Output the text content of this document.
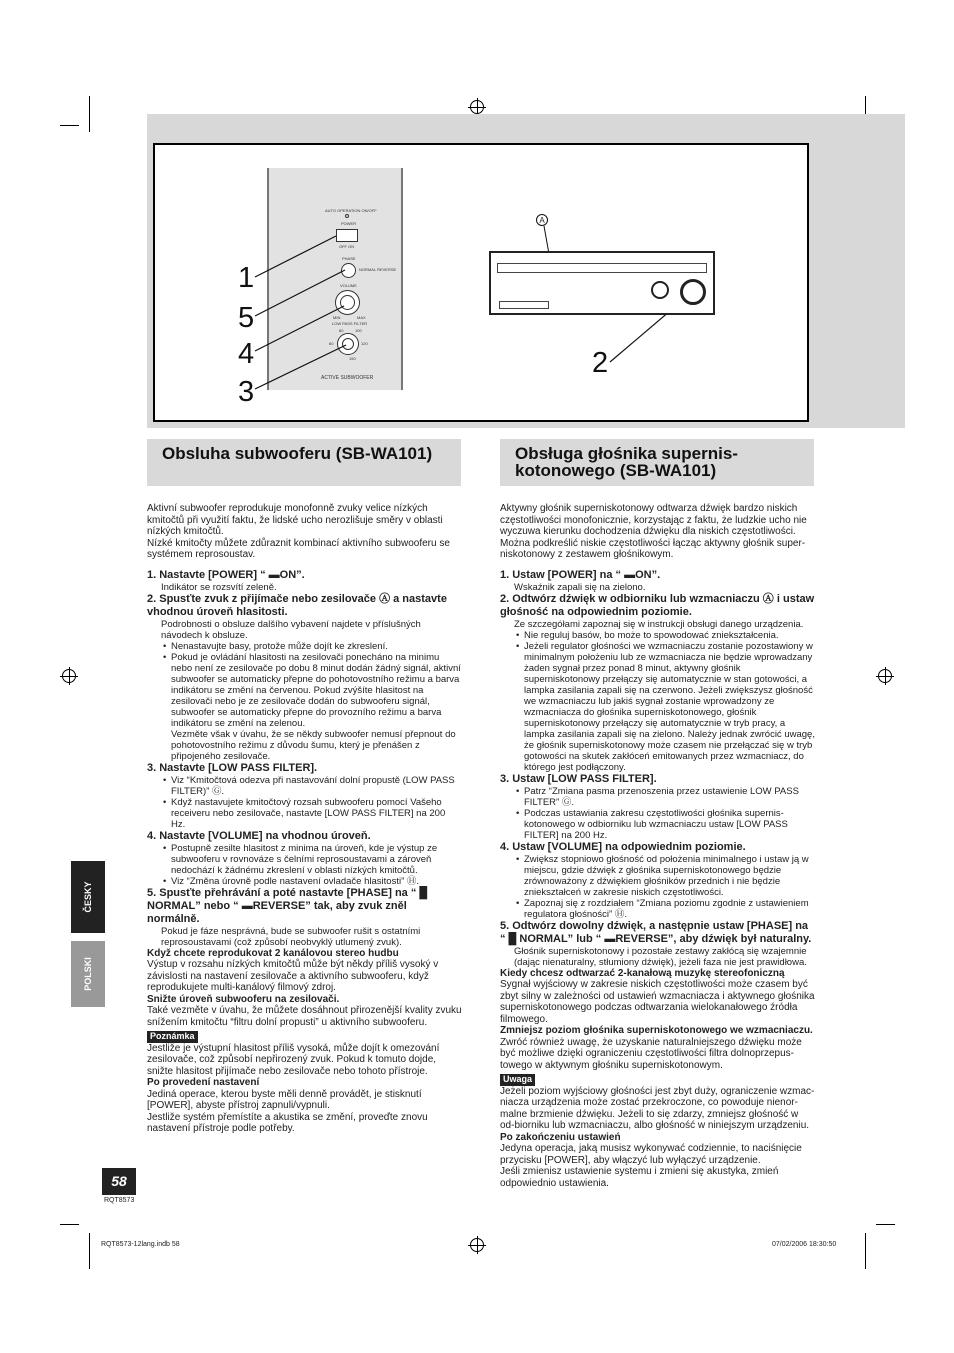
AUTO OPERATION ON/OFF
POWER
OFF ON
PHASE
NORMAL REVERSE
VOLUME
MIN	MAX
LOW PASS FILTER
80	100
60	120
150
ACTIVE SUBWOOFER
1
5
4
3
2
A
Obsluha subwooferu (SB-WA101)

Aktivní subwoofer reprodukuje monofonně zvuky velice nízkých kmitočtů při využití faktu, že lidské ucho nerozlišuje směry v oblasti nízkých kmitočtů.

Nízké kmitočty můžete zdůraznit kombinací aktivního subwooferu se systémem reprosoustav.

1. Nastavte [POWER] “ ▬ON”.

Indikátor se rozsvítí zeleně.

2. Spusťte zvuk z přijímače nebo zesilovače Ⓐ a nastavte vhodnou úroveň hlasitosti.

Podrobnosti o obsluze dalšího vybavení najdete v příslušných návodech k obsluze.

• Nenastavujte basy, protože může dojít ke zkreslení.

• Pokud je ovládání hlasitosti na zesilovači ponecháno na minimu nebo není ze zesilovače po dobu 8 minut dodán žádný signál, aktivní subwoofer se automaticky přepne do pohotovostního režimu a barva indikátoru se změní na červenou. Pokud zvýšíte hlasitost na zesilovači nebo je ze zesilovače dodán do subwooferu signál, subwoofer se automaticky přepne do provozního režimu a barva indikátoru se změní na zelenou.

Vezměte však v úvahu, že se někdy subwoofer nemusí přepnout do pohotovostního režimu z důvodu šumu, který je přenášen z připojeného zesilovače.

3. Nastavte [LOW PASS FILTER].

• Viz “Kmitočtová odezva při nastavování dolní propustě (LOW PASS FILTER)” Ⓖ.

• Když nastavujete kmitočtový rozsah subwooferu pomocí Vašeho receiveru nebo zesilovače, nastavte [LOW PASS FILTER] na 200 Hz.

4. Nastavte [VOLUME] na vhodnou úroveň.

• Postupně zesilte hlasitost z minima na úroveň, kde je výstup ze subwooferu v rovnováze s čelními reprosoustavami a zároveň nedochází k žádnému zkreslení v oblasti nízkých kmitočtů.

• Viz “Změna úrovně podle nastavení ovladače hlasitosti” Ⓗ.

5. Spusťte přehrávání a poté nastavte [PHASE] na “ █ NORMAL” nebo “ ▬REVERSE” tak, aby zvuk zněl normálně.

Pokud je fáze nesprávná, bude se subwoofer rušit s ostatními reprosoustavami (což způsobí neobvyklý utlumený zvuk).

Když chcete reprodukovat 2 kanálovou stereo hudbu

Výstup v rozsahu nízkých kmitočtů může být někdy příliš vysoký v závislosti na nastavení zesilovače a aktivního subwooferu, když reprodukujete multi-kanálový filmový zdroj.

Snižte úroveň subwooferu na zesilovači.

Také vezměte v úvahu, že můžete dosáhnout přirozenější kvality zvuku snížením kmitočtu “filtru dolní propusti” u aktivního subwooferu.

Poznámka

Jestliže je výstupní hlasitost příliš vysoká, může dojít k omezování zesilovače, což způsobí nepřirozený zvuk. Pokud k tomuto dojde, snižte hlasitost přijímače nebo zesilovače nebo tohoto přístroje.

Po provedení nastavení

Jediná operace, kterou byste měli denně provádět, je stisknutí [POWER], abyste přístroj zapnuli/vypnuli.

Jestliže systém přemístíte a akustika se změní, proveďte znovu nastavení přístroje podle potřeby.

Obsługa głośnika supernis-kotonowego (SB-WA101)

Aktywny głośnik superniskotonowy odtwarza dźwięk bardzo niskich częstotliwości monofonicznie, korzystając z faktu, że ludzkie ucho nie wyczuwa kierunku dochodzenia dźwięku dla niskich częstotliwości. Można podkreślić niskie częstotliwości łącząc aktywny głośnik super-niskotonowy z zestawem głośnikowym.

1. Ustaw [POWER] na “ ▬ON”.

Wskaźnik zapali się na zielono.

2. Odtwórz dźwięk w odbiorniku lub wzmacniaczu Ⓐ i ustaw głośność na odpowiednim poziomie.

Ze szczegółami zapoznaj się w instrukcji obsługi danego urządzenia.

• Nie reguluj basów, bo może to spowodować zniekształcenia.

• Jeżeli regulator głośności we wzmacniaczu zostanie pozostawiony w minimalnym położeniu lub ze wzmacniacza nie będzie wprowadzany żaden sygnał przez ponad 8 minut, aktywny głośnik superniskotonowy przełączy się automatycznie w stan gotowości, a lampka zasilania zapali się na czerwono. Jeżeli zwiększysz głośność we wzmacniaczu lub jakiś sygnał zostanie wprowadzony ze wzmacniacza do głośnika superniskotonowego, głośnik superniskotonowy przełączy się automatycznie w tryb pracy, a lampka zasilania zapali się na zielono. Należy jednak zwrócić uwagę, że głośnik superniskotonowy może czasem nie przełączać się w tryb gotowości na skutek zakłóceń emitowanych przez wzmacniacz, do którego jest podłączony.

3. Ustaw [LOW PASS FILTER].

• Patrz “Zmiana pasma przenoszenia przez ustawienie LOW PASS FILTER” Ⓖ.

• Podczas ustawiania zakresu częstotliwości głośnika supernis-kotonowego w odbiorniku lub wzmacniaczu ustaw [LOW PASS FILTER] na 200 Hz.

4. Ustaw [VOLUME] na odpowiednim poziomie.

• Zwiększ stopniowo głośność od położenia minimalnego i ustaw ją w miejscu, gdzie dźwięk z głośnika superniskotonowego będzie zrównoważony z dźwiękiem głośników przednich i nie będzie zniekształceń w zakresie niskich częstotliwości.

• Zapoznaj się z rozdziałem “Zmiana poziomu zgodnie z ustawieniem regulatora głośności” Ⓗ.

5. Odtwórz dowolny dźwięk, a następnie ustaw [PHASE] na “ █ NORMAL” lub “ ▬REVERSE”, aby dźwięk był naturalny.

Głośnik superniskotonowy i pozostałe zestawy zakłócą się wzajemnie (dając nienaturalny, stłumiony dźwięk), jeżeli faza nie jest prawidłowa.

Kiedy chcesz odtwarzać 2-kanałową muzykę stereofoniczną

Sygnał wyjściowy w zakresie niskich częstotliwości może czasem być zbyt silny w zależności od ustawień wzmacniacza i aktywnego głośnika superniskotonowego podczas odtwarzania wielokanałowego źródła filmowego.

Zmniejsz poziom głośnika superniskotonowego we wzmacniaczu.

Zwróć również uwagę, że uzyskanie naturalniejszego dźwięku może być możliwe dzięki ograniczeniu częstotliwości filtra dolnoprzepus-towego w aktywnym głośniku superniskotonowym.

Uwaga

Jeżeli poziom wyjściowy głośności jest zbyt duży, ograniczenie wzmac-niacza urządzenia może zostać przekroczone, co powoduje nienor-malne brzmienie dźwięku. Jeżeli to się zdarzy, zmniejsz głośność w od-biorniku lub wzmacniaczu, albo głośność w niniejszym urządzeniu.

Po zakończeniu ustawień

Jedyna operacja, jaką musisz wykonywać codziennie, to naciśnięcie przycisku [POWER], aby włączyć lub wyłączyć urządzenie.

Jeśli zmienisz ustawienie systemu i zmieni się akustyka, zmień odpowiednio ustawienia.

ČESKY
POLSKI
58
RQT8573
RQT8573-12lang.indb 58	07/02/2006 18:30:50
